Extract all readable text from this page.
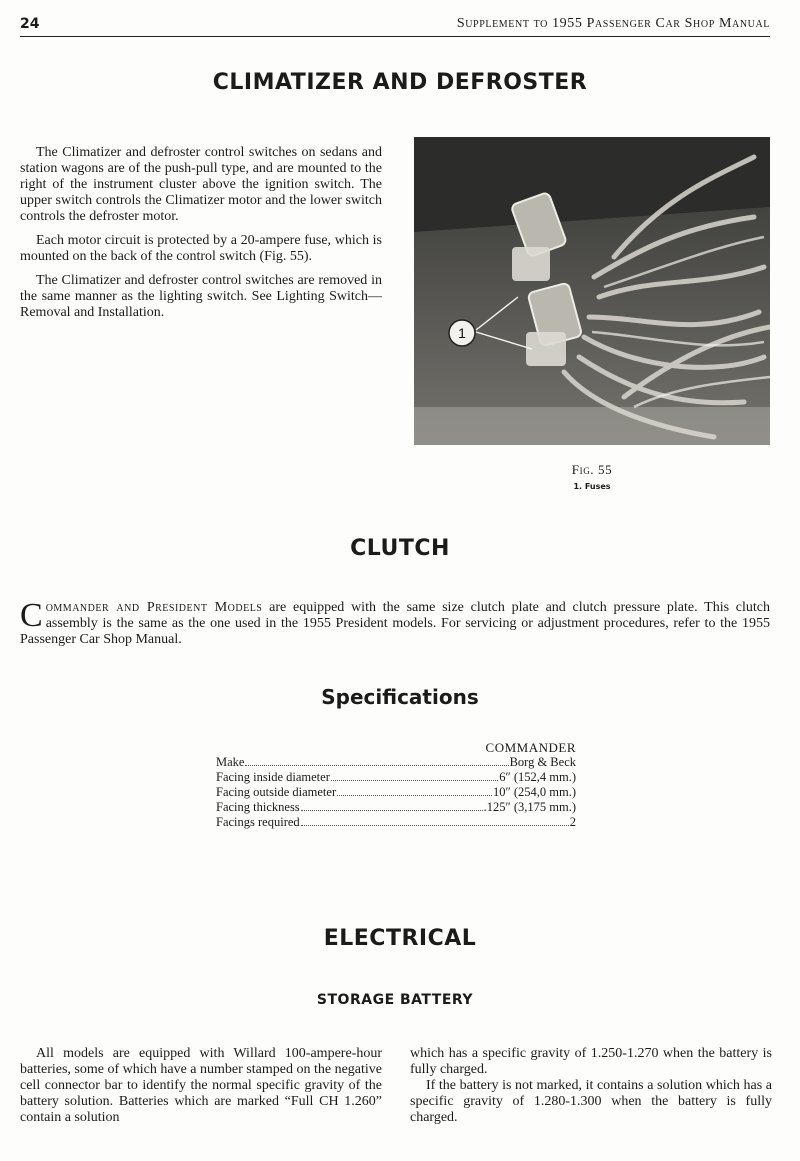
24	Supplement to 1955 Passenger Car Shop Manual
CLIMATIZER AND DEFROSTER

The Climatizer and defroster control switches on sedans and station wagons are of the push-pull type, and are mounted to the right of the instrument cluster above the ignition switch. The upper switch controls the Climatizer motor and the lower switch controls the defroster motor.

Each motor circuit is protected by a 20-ampere fuse, which is mounted on the back of the control switch (Fig. 55).

The Climatizer and defroster control switches are removed in the same manner as the lighting switch. See Lighting Switch—Removal and Installation.

1
Fig. 55
1. Fuses
CLUTCH

Commander and President Models are equipped with the same size clutch plate and clutch pressure plate. This clutch assembly is the same as the one used in the 1955 President models. For servicing or adjustment procedures, refer to the 1955 Passenger Car Shop Manual.

Specifications
COMMANDER
Make	Borg & Beck
Facing inside diameter	6″ (152,4 mm.)
Facing outside diameter	10″ (254,0 mm.)
Facing thickness	.125″ (3,175 mm.)
Facings required	2
ELECTRICAL
STORAGE BATTERY

All models are equipped with Willard 100-ampere-hour batteries, some of which have a number stamped on the negative cell connector bar to identify the normal specific gravity of the battery solution. Batteries which are marked “Full CH 1.260” contain a solution

which has a specific gravity of 1.250-1.270 when the battery is fully charged.

If the battery is not marked, it contains a solution which has a specific gravity of 1.280-1.300 when the battery is fully charged.
